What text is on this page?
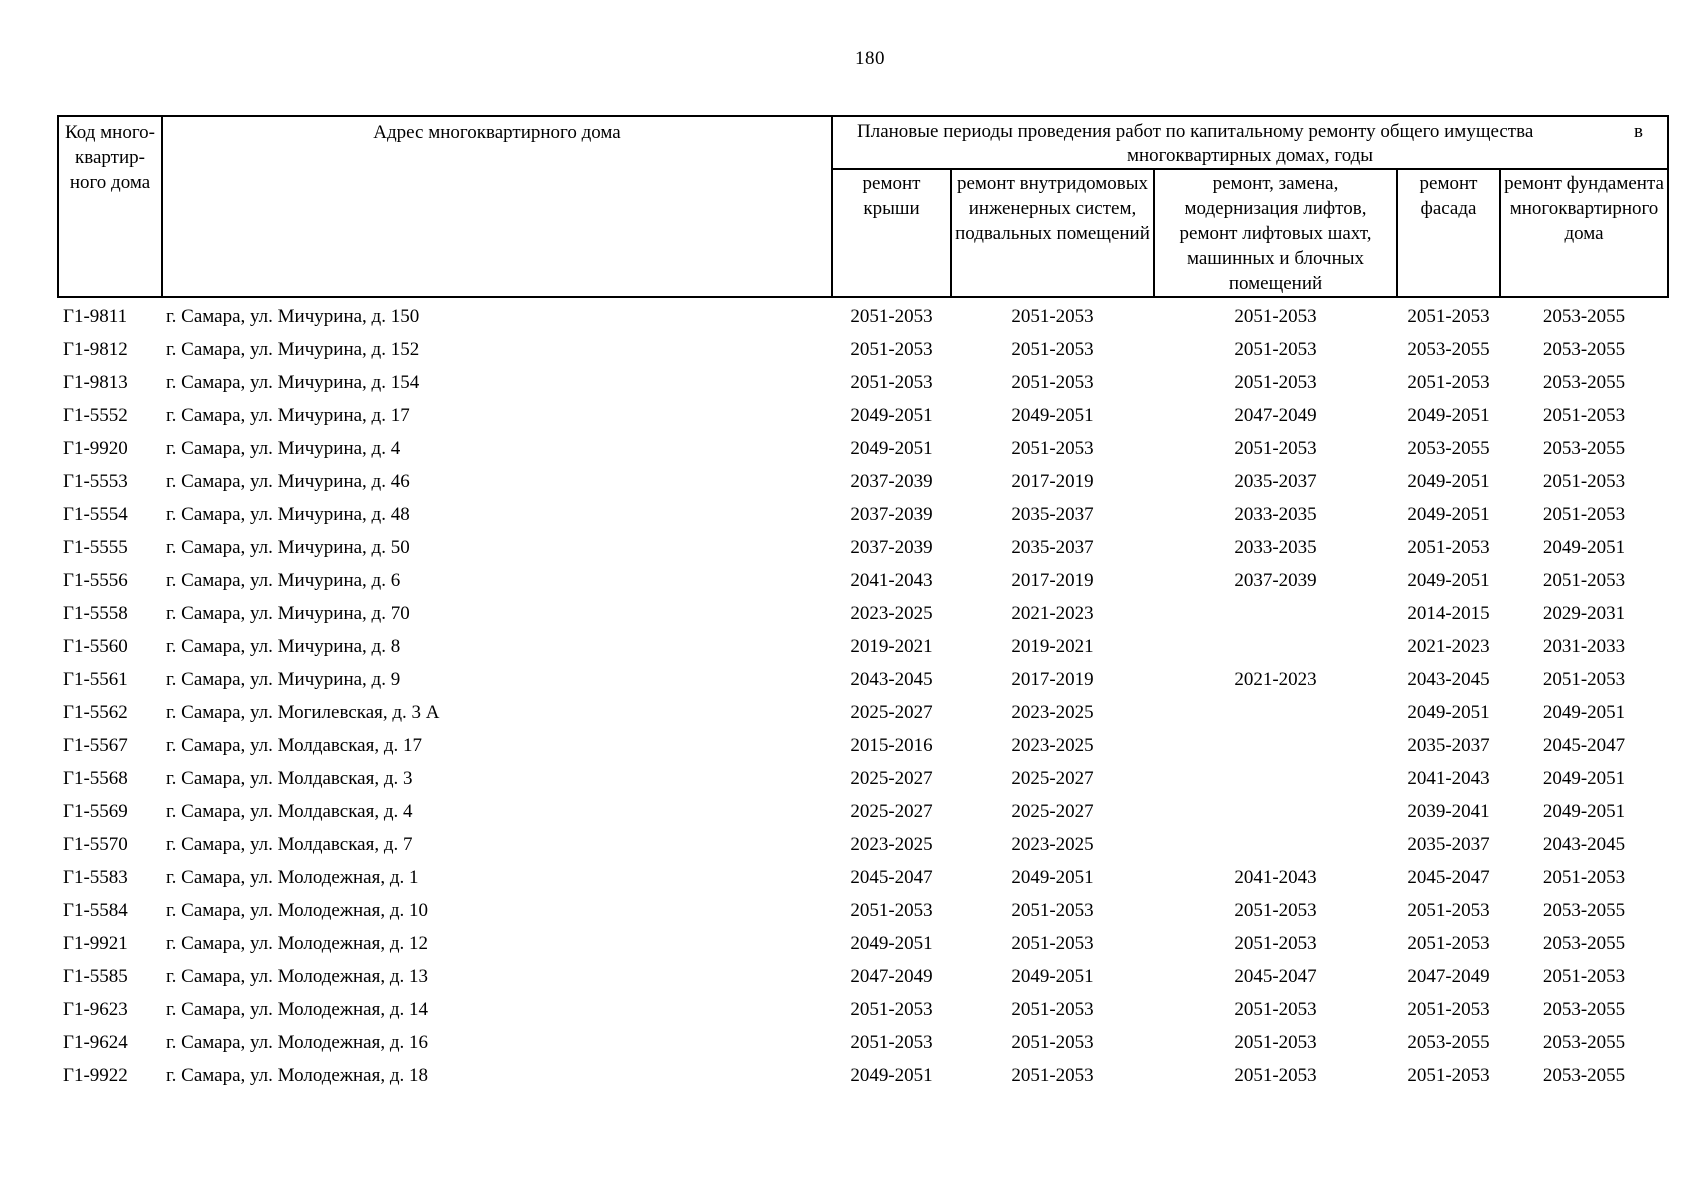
180
Код много-квартир-ного дома	Адрес многоквартирного дома	Плановые периоды проведения работ по капитальному ремонту общего имущества в
многоквартирных домах, годы				

		ремонт крыши	ремонт внутридомовых инженерных систем, подвальных помещений	ремонт, замена, модернизация лифтов, ремонт лифтовых шахт, машинных и блочных помещений	ремонт фасада	ремонт фундамента многоквартирного дома
Г1-9811	г. Самара, ул. Мичурина, д. 150	2051-2053	2051-2053	2051-2053	2051-2053	2053-2055
Г1-9812	г. Самара, ул. Мичурина, д. 152	2051-2053	2051-2053	2051-2053	2053-2055	2053-2055
Г1-9813	г. Самара, ул. Мичурина, д. 154	2051-2053	2051-2053	2051-2053	2051-2053	2053-2055
Г1-5552	г. Самара, ул. Мичурина, д. 17	2049-2051	2049-2051	2047-2049	2049-2051	2051-2053
Г1-9920	г. Самара, ул. Мичурина, д. 4	2049-2051	2051-2053	2051-2053	2053-2055	2053-2055
Г1-5553	г. Самара, ул. Мичурина, д. 46	2037-2039	2017-2019	2035-2037	2049-2051	2051-2053
Г1-5554	г. Самара, ул. Мичурина, д. 48	2037-2039	2035-2037	2033-2035	2049-2051	2051-2053
Г1-5555	г. Самара, ул. Мичурина, д. 50	2037-2039	2035-2037	2033-2035	2051-2053	2049-2051
Г1-5556	г. Самара, ул. Мичурина, д. 6	2041-2043	2017-2019	2037-2039	2049-2051	2051-2053
Г1-5558	г. Самара, ул. Мичурина, д. 70	2023-2025	2021-2023		2014-2015	2029-2031
Г1-5560	г. Самара, ул. Мичурина, д. 8	2019-2021	2019-2021		2021-2023	2031-2033
Г1-5561	г. Самара, ул. Мичурина, д. 9	2043-2045	2017-2019	2021-2023	2043-2045	2051-2053
Г1-5562	г. Самара, ул. Могилевская, д. 3 А	2025-2027	2023-2025		2049-2051	2049-2051
Г1-5567	г. Самара, ул. Молдавская, д. 17	2015-2016	2023-2025		2035-2037	2045-2047
Г1-5568	г. Самара, ул. Молдавская, д. 3	2025-2027	2025-2027		2041-2043	2049-2051
Г1-5569	г. Самара, ул. Молдавская, д. 4	2025-2027	2025-2027		2039-2041	2049-2051
Г1-5570	г. Самара, ул. Молдавская, д. 7	2023-2025	2023-2025		2035-2037	2043-2045
Г1-5583	г. Самара, ул. Молодежная, д. 1	2045-2047	2049-2051	2041-2043	2045-2047	2051-2053
Г1-5584	г. Самара, ул. Молодежная, д. 10	2051-2053	2051-2053	2051-2053	2051-2053	2053-2055
Г1-9921	г. Самара, ул. Молодежная, д. 12	2049-2051	2051-2053	2051-2053	2051-2053	2053-2055
Г1-5585	г. Самара, ул. Молодежная, д. 13	2047-2049	2049-2051	2045-2047	2047-2049	2051-2053
Г1-9623	г. Самара, ул. Молодежная, д. 14	2051-2053	2051-2053	2051-2053	2051-2053	2053-2055
Г1-9624	г. Самара, ул. Молодежная, д. 16	2051-2053	2051-2053	2051-2053	2053-2055	2053-2055
Г1-9922	г. Самара, ул. Молодежная, д. 18	2049-2051	2051-2053	2051-2053	2051-2053	2053-2055
